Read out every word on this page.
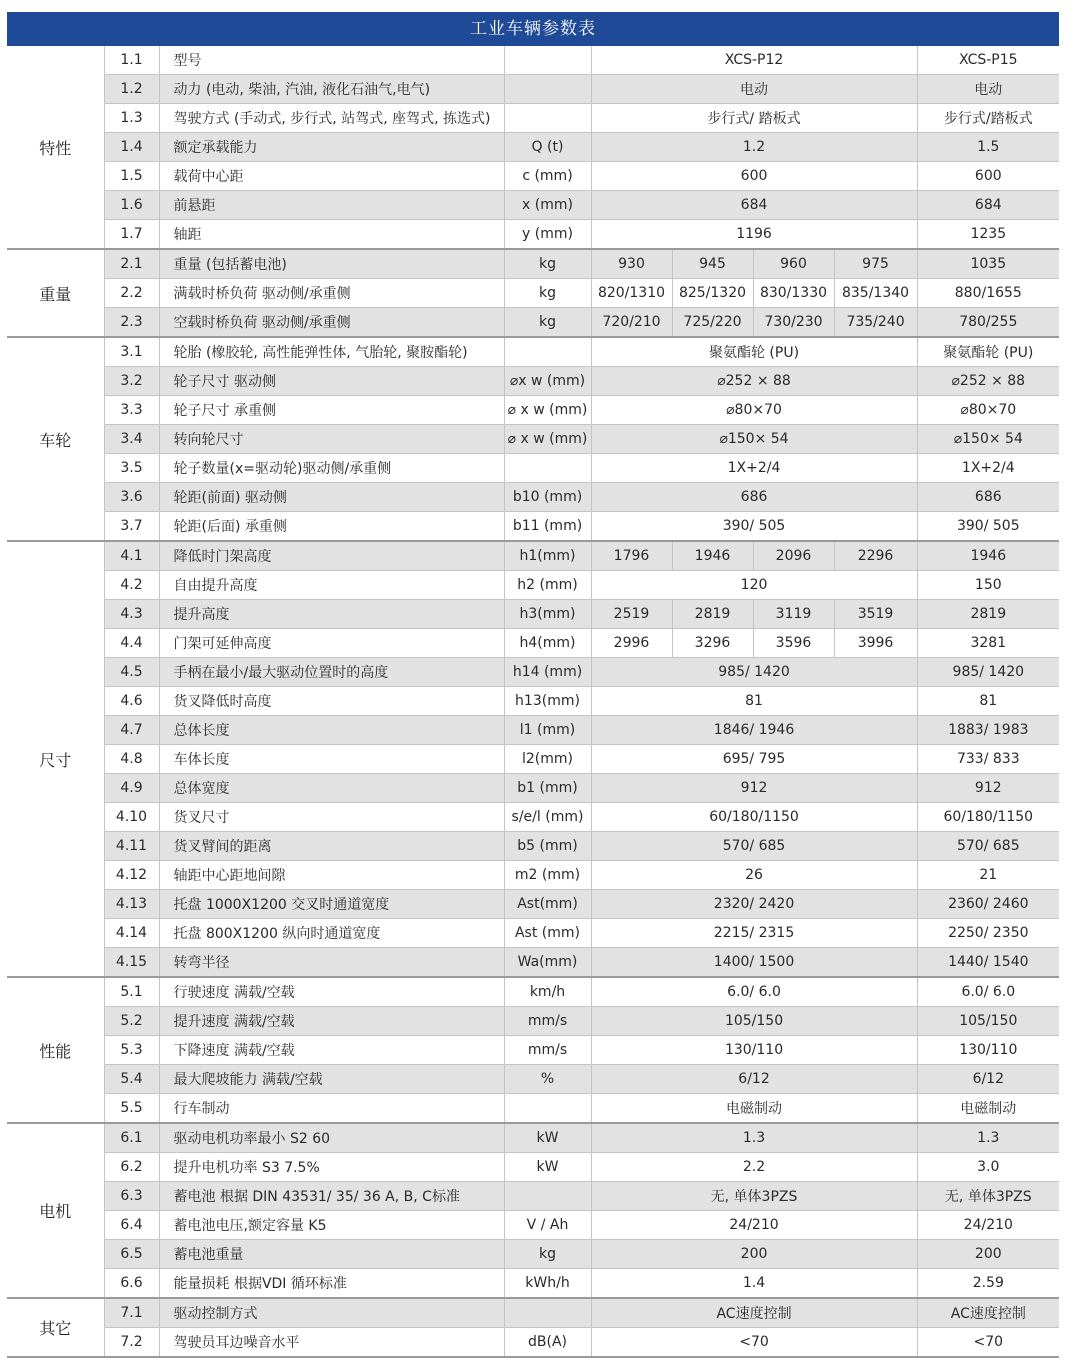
工业车辆参数表
特性	1.1	型号		XCS-P12				XCS-P15
	1.2	动力 (电动, 柴油, 汽油, 液化石油气,电气)		电动				电动
	1.3	驾驶方式 (手动式, 步行式, 站驾式, 座驾式, 拣选式)		步行式/ 踏板式				步行式/踏板式
	1.4	额定承载能力	Q (t)	1.2				1.5
	1.5	载荷中心距	c (mm)	600				600
	1.6	前悬距	x (mm)	684				684
	1.7	轴距	y (mm)	1196				1235
重量	2.1	重量 (包括蓄电池)	kg	930	945	960	975	1035
	2.2	满载时桥负荷 驱动侧/承重侧	kg	820/1310	825/1320	830/1330	835/1340	880/1655
	2.3	空载时桥负荷 驱动侧/承重侧	kg	720/210	725/220	730/230	735/240	780/255
车轮	3.1	轮胎 (橡胶轮, 高性能弹性体, 气胎轮, 聚胺酯轮)		聚氨酯轮 (PU)				聚氨酯轮 (PU)
	3.2	轮子尺寸 驱动侧	⌀x w (mm)	⌀252 × 88				⌀252 × 88
	3.3	轮子尺寸 承重侧	⌀ x w (mm)	⌀80×70				⌀80×70
	3.4	转向轮尺寸	⌀ x w (mm)	⌀150× 54				⌀150× 54
	3.5	轮子数量(x=驱动轮)驱动侧/承重侧		1X+2/4				1X+2/4
	3.6	轮距(前面) 驱动侧	b10 (mm)	686				686
	3.7	轮距(后面) 承重侧	b11 (mm)	390/ 505				390/ 505
尺寸	4.1	降低时门架高度	h1(mm)	1796	1946	2096	2296	1946
	4.2	自由提升高度	h2 (mm)	120				150
	4.3	提升高度	h3(mm)	2519	2819	3119	3519	2819
	4.4	门架可延伸高度	h4(mm)	2996	3296	3596	3996	3281
	4.5	手柄在最小/最大驱动位置时的高度	h14 (mm)	985/ 1420				985/ 1420
	4.6	货叉降低时高度	h13(mm)	81				81
	4.7	总体长度	l1 (mm)	1846/ 1946				1883/ 1983
	4.8	车体长度	l2(mm)	695/ 795				733/ 833
	4.9	总体宽度	b1 (mm)	912				912
	4.10	货叉尺寸	s/e/l (mm)	60/180/1150				60/180/1150
	4.11	货叉臂间的距离	b5 (mm)	570/ 685				570/ 685
	4.12	轴距中心距地间隙	m2 (mm)	26				21
	4.13	托盘 1000X1200 交叉时通道宽度	Ast(mm)	2320/ 2420				2360/ 2460
	4.14	托盘 800X1200 纵向时通道宽度	Ast (mm)	2215/ 2315				2250/ 2350
	4.15	转弯半径	Wa(mm)	1400/ 1500				1440/ 1540
性能	5.1	行驶速度 满载/空载	km/h	6.0/ 6.0				6.0/ 6.0
	5.2	提升速度 满载/空载	mm/s	105/150				105/150
	5.3	下降速度 满载/空载	mm/s	130/110				130/110
	5.4	最大爬坡能力 满载/空载	%	6/12				6/12
	5.5	行车制动		电磁制动				电磁制动
电机	6.1	驱动电机功率最小 S2 60	kW	1.3				1.3
	6.2	提升电机功率 S3 7.5%	kW	2.2				3.0
	6.3	蓄电池 根据 DIN 43531/ 35/ 36 A, B, C标准		无, 单体3PZS				无, 单体3PZS
	6.4	蓄电池电压,额定容量 K5	V / Ah	24/210				24/210
	6.5	蓄电池重量	kg	200				200
	6.6	能量损耗 根据VDI 循环标准	kWh/h	1.4				2.59
其它	7.1	驱动控制方式		AC速度控制				AC速度控制
	7.2	驾驶员耳边噪音水平	dB(A)	<70				<70
